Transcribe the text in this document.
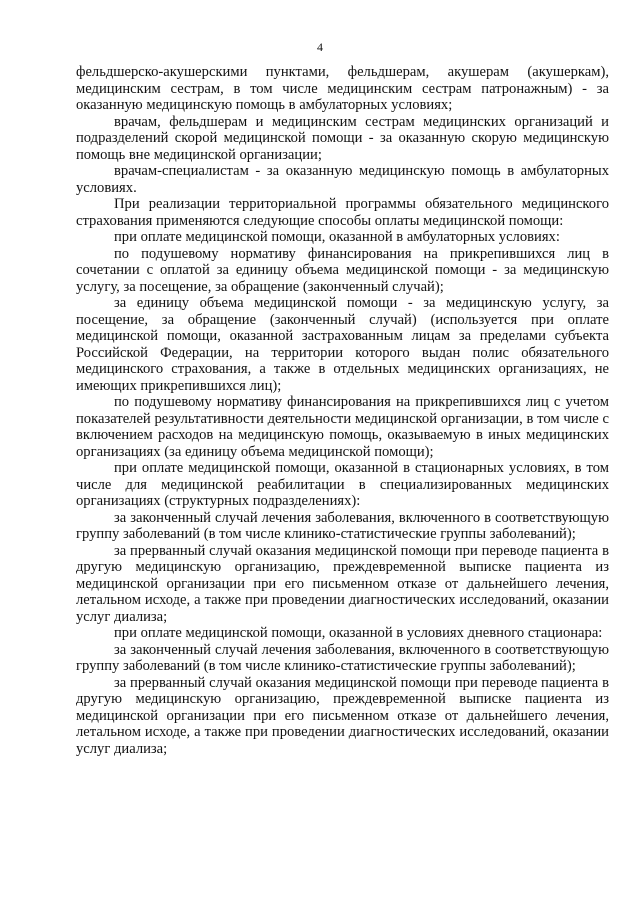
4

фельдшерско-акушерскими пунктами, фельдшерам, акушерам (акушеркам), медицинским сестрам, в том числе медицинским сестрам патронажным) - за оказанную медицинскую помощь в амбулаторных условиях;

врачам, фельдшерам и медицинским сестрам медицинских организаций и подразделений скорой медицинской помощи - за оказанную скорую медицинскую помощь вне медицинской организации;

врачам-специалистам - за оказанную медицинскую помощь в амбулаторных условиях.

При реализации территориальной программы обязательного медицинского страхования применяются следующие способы оплаты медицинской помощи:

при оплате медицинской помощи, оказанной в амбулаторных условиях:

по подушевому нормативу финансирования на прикрепившихся лиц в сочетании с оплатой за единицу объема медицинской помощи - за медицинскую услугу, за посещение, за обращение (законченный случай);

за единицу объема медицинской помощи - за медицинскую услугу, за посещение, за обращение (законченный случай) (используется при оплате медицинской помощи, оказанной застрахованным лицам за пределами субъекта Российской Федерации, на территории которого выдан полис обязательного медицинского страхования, а также в отдельных медицинских организациях, не имеющих прикрепившихся лиц);

по подушевому нормативу финансирования на прикрепившихся лиц с учетом показателей результативности деятельности медицинской организации, в том числе с включением расходов на медицинскую помощь, оказываемую в иных медицинских организациях (за единицу объема медицинской помощи);

при оплате медицинской помощи, оказанной в стационарных условиях, в том числе для медицинской реабилитации в специализированных медицинских организациях (структурных подразделениях):

за законченный случай лечения заболевания, включенного в соответствующую группу заболеваний (в том числе клинико-статистические группы заболеваний);

за прерванный случай оказания медицинской помощи при переводе пациента в другую медицинскую организацию, преждевременной выписке пациента из медицинской организации при его письменном отказе от дальнейшего лечения, летальном исходе, а также при проведении диагностических исследований, оказании услуг диализа;

при оплате медицинской помощи, оказанной в условиях дневного стационара:

за законченный случай лечения заболевания, включенного в соответствующую группу заболеваний (в том числе клинико-статистические группы заболеваний);

за прерванный случай оказания медицинской помощи при переводе пациента в другую медицинскую организацию, преждевременной выписке пациента из медицинской организации при его письменном отказе от дальнейшего лечения, летальном исходе, а также при проведении диагностических исследований, оказании услуг диализа;
